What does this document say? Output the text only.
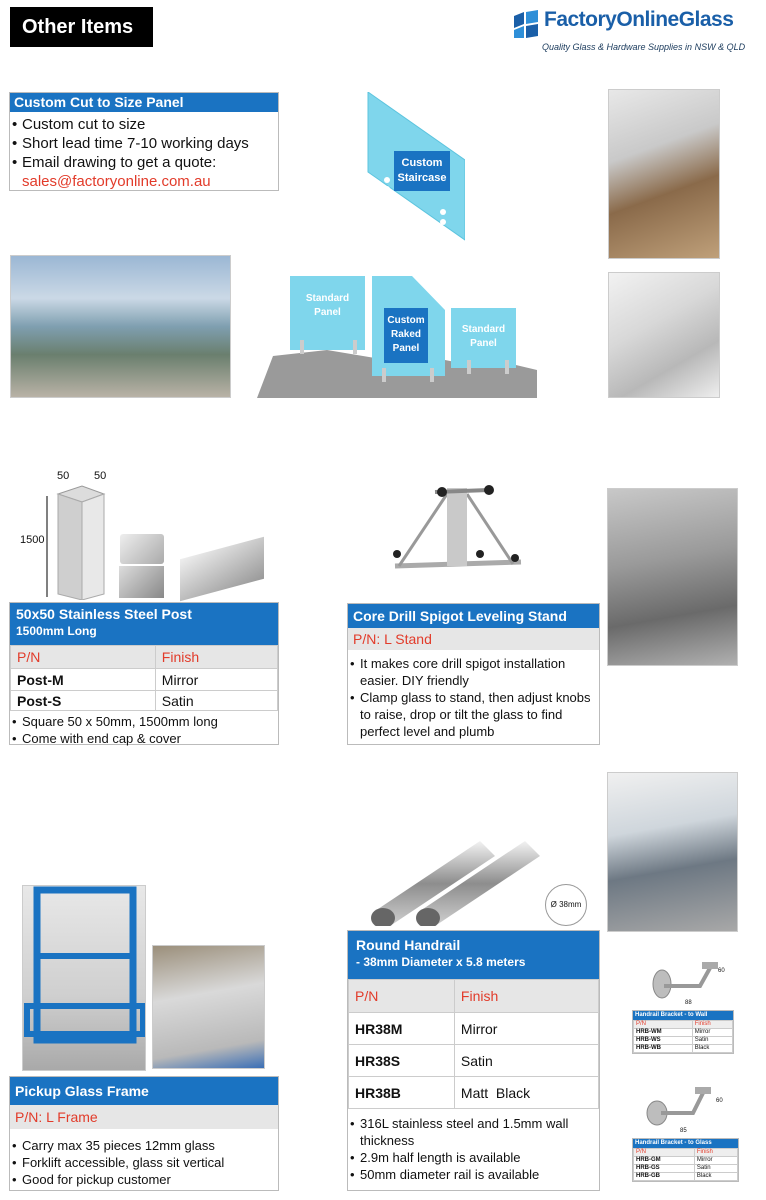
Other Items	FactoryOnlineGlass
Quality Glass & Hardware Supplies in NSW & QLD
Custom Cut to Size Panel
• Custom cut to size
• Short lead time 7-10 working days
• Email drawing to get a quote:
sales@factoryonline.com.au
Custom
Staircase
Standard
Panel
Custom
Raked
Panel
Standard
Panel
50 50
1500
50x50 Stainless Steel Post
1500mm Long
P/N	Finish
Post-M	Mirror
Post-S	Satin
• Square 50 x 50mm, 1500mm long
• Come with end cap & cover
Core Drill Spigot Leveling Stand
P/N: L Stand
• It makes core drill spigot installation easier. DIY friendly
• Clamp glass to stand, then adjust knobs to raise, drop or tilt the glass to find perfect level and plumb
Ø 38mm
Round Handrail
- 38mm Diameter x 5.8 meters
P/N	Finish
HR38M	Mirror
HR38S	Satin
HR38B	Matt  Black
• 316L stainless steel and 1.5mm wall thickness
• 2.9m half length is available
• 50mm diameter rail is available
60
88
Handrail Bracket - to Wall
P/N	Finish
HRB-WM	Mirror
HRB-WS	Satin
HRB-WB	Black
60
85
Handrail Bracket - to Glass
P/N	Finish
HRB-GM	Mirror
HRB-GS	Satin
HRB-GB	Black
Pickup Glass Frame
P/N: L Frame
• Carry max 35 pieces 12mm glass
• Forklift accessible, glass sit vertical
• Good for pickup customer
